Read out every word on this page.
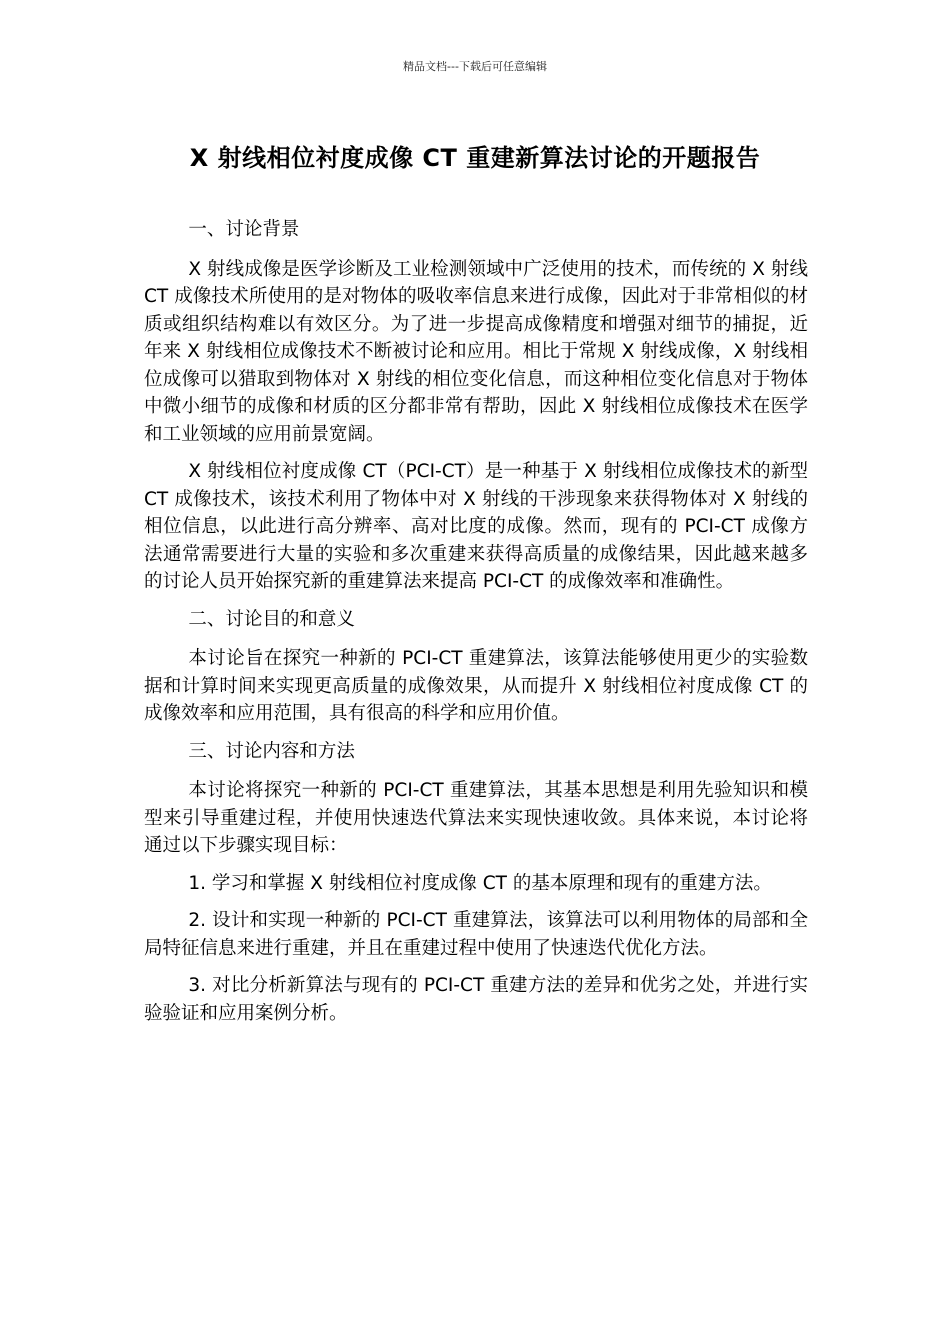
精品文档---下载后可任意编辑
X 射线相位衬度成像 CT 重建新算法讨论的开题报告

一、讨论背景

X 射线成像是医学诊断及工业检测领域中广泛使用的技术，而传统的 X 射线 CT 成像技术所使用的是对物体的吸收率信息来进行成像，因此对于非常相似的材质或组织结构难以有效区分。为了进一步提高成像精度和增强对细节的捕捉，近年来 X 射线相位成像技术不断被讨论和应用。相比于常规 X 射线成像，X 射线相位成像可以猎取到物体对 X 射线的相位变化信息，而这种相位变化信息对于物体中微小细节的成像和材质的区分都非常有帮助，因此 X 射线相位成像技术在医学和工业领域的应用前景宽阔。

X 射线相位衬度成像 CT（PCI-CT）是一种基于 X 射线相位成像技术的新型 CT 成像技术，该技术利用了物体中对 X 射线的干涉现象来获得物体对 X 射线的相位信息，以此进行高分辨率、高对比度的成像。然而，现有的 PCI-CT 成像方法通常需要进行大量的实验和多次重建来获得高质量的成像结果，因此越来越多的讨论人员开始探究新的重建算法来提高 PCI-CT 的成像效率和准确性。

二、讨论目的和意义

本讨论旨在探究一种新的 PCI-CT 重建算法，该算法能够使用更少的实验数据和计算时间来实现更高质量的成像效果，从而提升 X 射线相位衬度成像 CT 的成像效率和应用范围，具有很高的科学和应用价值。

三、讨论内容和方法

本讨论将探究一种新的 PCI-CT 重建算法，其基本思想是利用先验知识和模型来引导重建过程，并使用快速迭代算法来实现快速收敛。具体来说，本讨论将通过以下步骤实现目标：

1. 学习和掌握 X 射线相位衬度成像 CT 的基本原理和现有的重建方法。

2. 设计和实现一种新的 PCI-CT 重建算法，该算法可以利用物体的局部和全局特征信息来进行重建，并且在重建过程中使用了快速迭代优化方法。

3. 对比分析新算法与现有的 PCI-CT 重建方法的差异和优劣之处，并进行实验验证和应用案例分析。
